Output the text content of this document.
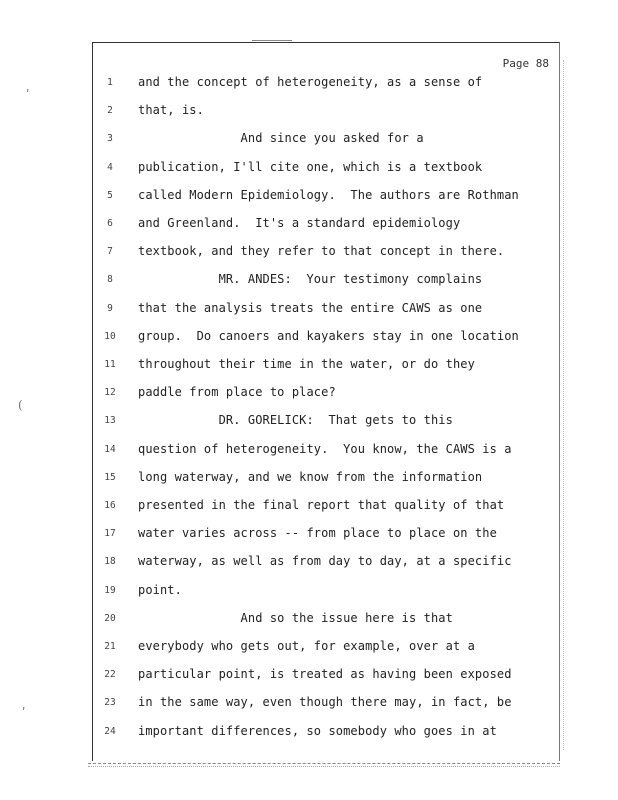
ʹ
(
ʹ
Page 88
1	and the concept of heterogeneity, as a sense of
2	that, is.
3	And since you asked for a
4	publication, I'll cite one, which is a textbook
5	called Modern Epidemiology.  The authors are Rothman
6	and Greenland.  It's a standard epidemiology
7	textbook, and they refer to that concept in there.
8	MR. ANDES:  Your testimony complains
9	that the analysis treats the entire CAWS as one
10	group.  Do canoers and kayakers stay in one location
11	throughout their time in the water, or do they
12	paddle from place to place?
13	DR. GORELICK:  That gets to this
14	question of heterogeneity.  You know, the CAWS is a
15	long waterway, and we know from the information
16	presented in the final report that quality of that
17	water varies across -- from place to place on the
18	waterway, as well as from day to day, at a specific
19	point.
20	And so the issue here is that
21	everybody who gets out, for example, over at a
22	particular point, is treated as having been exposed
23	in the same way, even though there may, in fact, be
24	important differences, so somebody who goes in at
